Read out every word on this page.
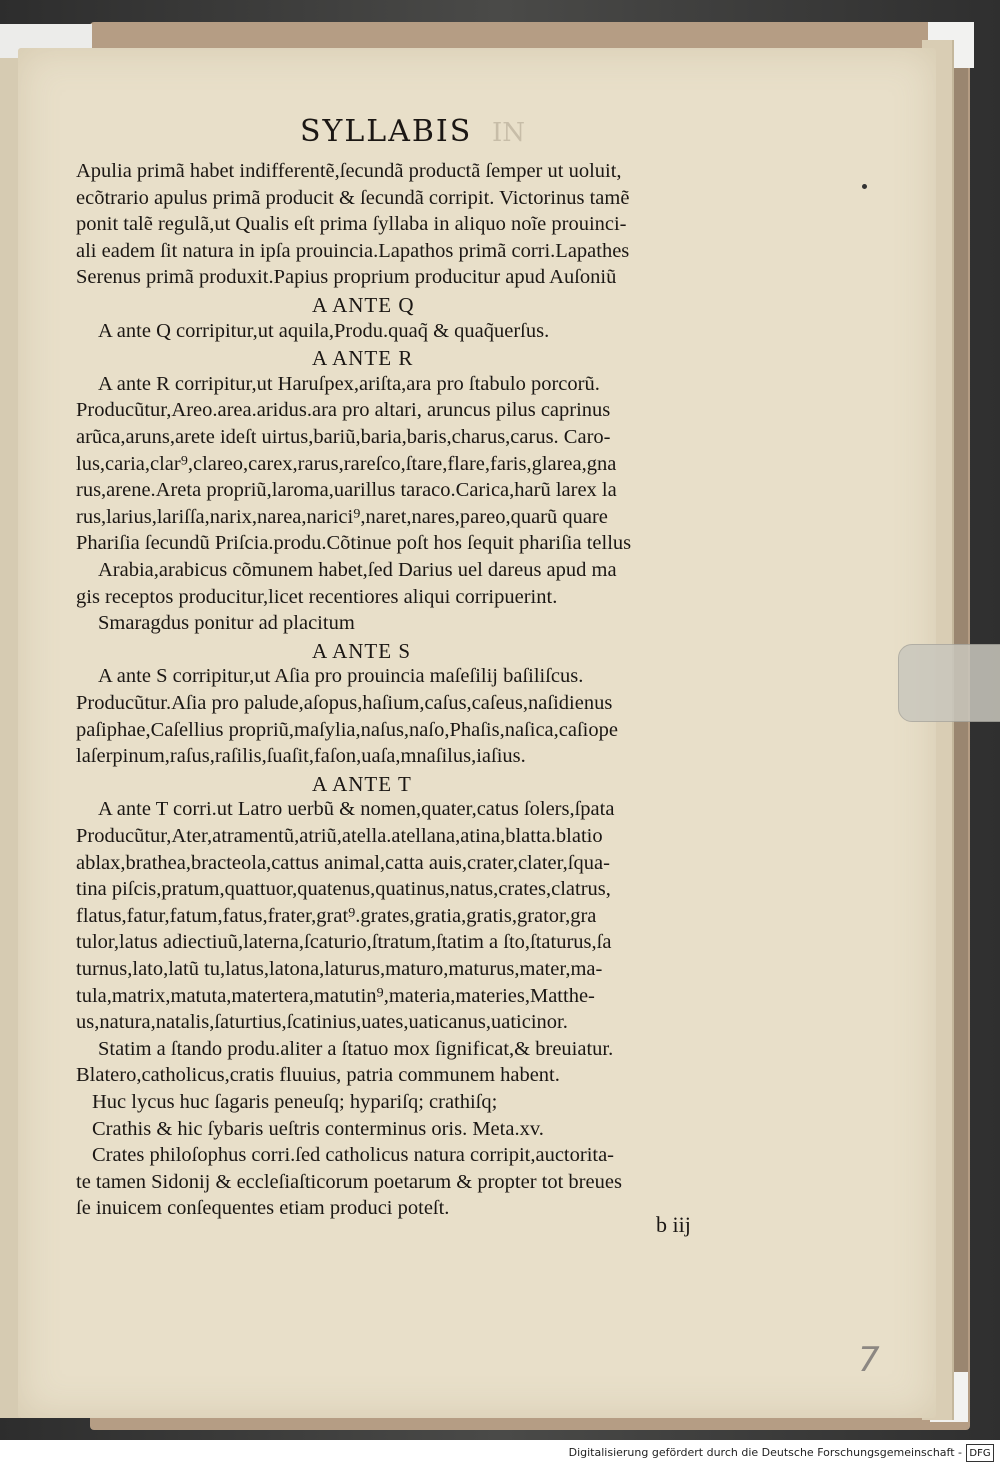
SYLLABIS IN
Apulia primã habet indifferentẽ,ſecundã productã ſemper ut uoluit,
ecõtrario apulus primã producit & ſecundã corripit. Victorinus tamẽ
ponit talẽ regulã,ut Qualis eſt prima ſyllaba in aliquo noĩe prouinci-
ali eadem ſit natura in ipſa prouincia.Lapathos primã corri.Lapathes
Serenus primã produxit.Papius proprium producitur apud Auſoniũ
A ANTE Q
A ante Q corripitur,ut aquila,Produ.quaq̃ & quaq̃uerſus.
A ANTE R
A ante R corripitur,ut Haruſpex,ariſta,ara pro ſtabulo porcorũ.
Producũtur,Areo.area.aridus.ara pro altari, aruncus pilus caprinus
arũca,aruns,arete ideſt uirtus,bariũ,baria,baris,charus,carus. Caro-
lus,caria,clar⁹,clareo,carex,rarus,rareſco,ſtare,flare,faris,glarea,gna
rus,arene.Areta propriũ,laroma,uarillus taraco.Carica,harũ larex la
rus,larius,lariſſa,narix,narea,narici⁹,naret,nares,pareo,quarũ quare
Phariſia ſecundũ Priſcia.produ.Cõtinue poſt hos ſequit phariſia tellus
Arabia,arabicus cõmunem habet,ſed Darius uel dareus apud ma
gis receptos producitur,licet recentiores aliqui corripuerint.
Smaragdus ponitur ad placitum
A ANTE S
A ante S corripitur,ut Aſia pro prouincia maſeſilij baſiliſcus.
Producũtur.Aſia pro palude,aſopus,haſium,caſus,caſeus,naſidienus
paſiphae,Caſellius propriũ,maſylia,naſus,naſo,Phaſis,naſica,caſiope
laſerpinum,raſus,raſilis,ſuaſit,faſon,uaſa,mnaſilus,iaſius.
A ANTE T
A ante T corri.ut Latro uerbũ & nomen,quater,catus ſolers,ſpata
Producũtur,Ater,atramentũ,atriũ,atella.atellana,atina,blatta.blatio
ablax,brathea,bracteola,cattus animal,catta auis,crater,clater,ſqua-
tina piſcis,pratum,quattuor,quatenus,quatinus,natus,crates,clatrus,
flatus,fatur,fatum,fatus,frater,grat⁹.grates,gratia,gratis,grator,gra
tulor,latus adiectiuũ,laterna,ſcaturio,ſtratum,ſtatim a ſto,ſtaturus,ſa
turnus,lato,latũ tu,latus,latona,laturus,maturo,maturus,mater,ma-
tula,matrix,matuta,matertera,matutin⁹,materia,materies,Matthe-
us,natura,natalis,ſaturtius,ſcatinius,uates,uaticanus,uaticinor.
Statim a ſtando produ.aliter a ſtatuo mox ſignificat,& breuiatur.
Blatero,catholicus,cratis fluuius, patria communem habent.
Huc lycus huc ſagaris peneuſq; hypariſq; crathiſq;
Crathis & hic ſybaris ueſtris conterminus oris. Meta.xv.
Crates philoſophus corri.ſed catholicus natura corripit,auctorita-
te tamen Sidonij & eccleſiaſticorum poetarum & propter tot breues
ſe inuicem conſequentes etiam produci poteſt.
b iij
7
Digitalisierung gefördert durch die Deutsche Forschungsgemeinschaft - DFG
